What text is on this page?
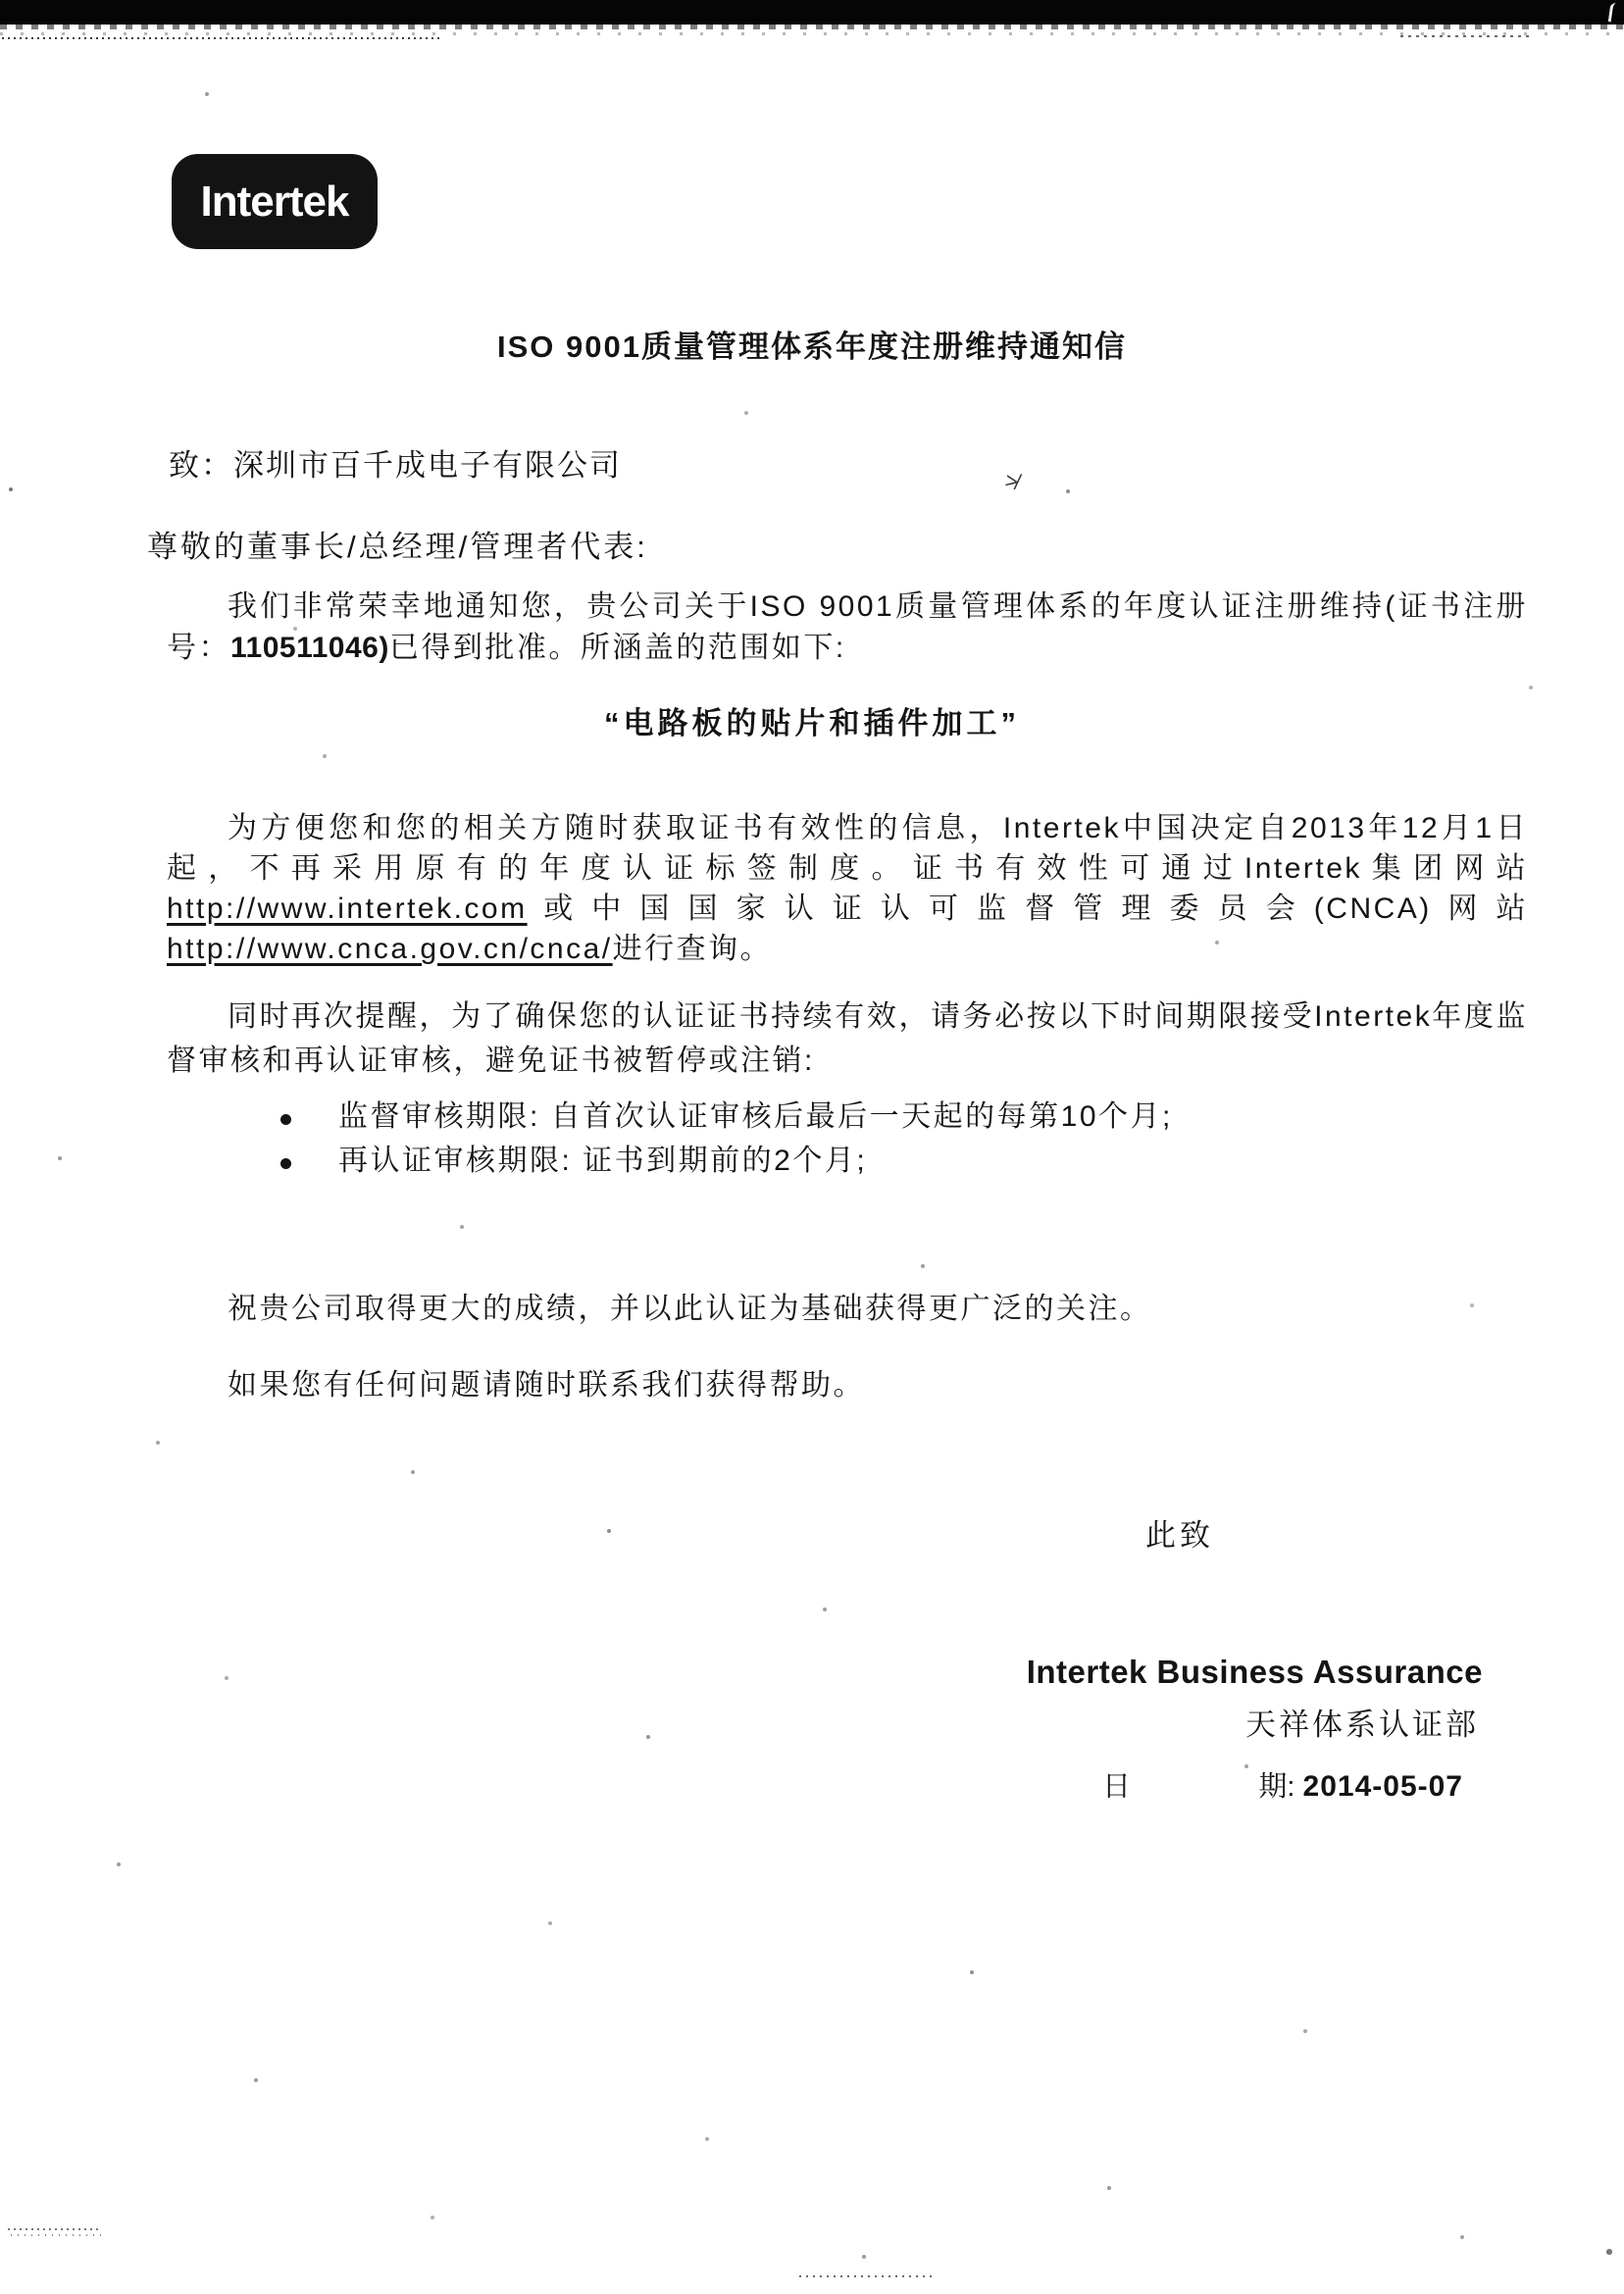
Intertek
ISO 9001质量管理体系年度注册维持通知信
致：深圳市百千成电子有限公司	≯
尊敬的董事长/总经理/管理者代表:
我们非常荣幸地通知您，贵公司关于ISO 9001质量管理体系的年度认证注册维持(证书注册号：110511046)已得到批准。所涵盖的范围如下:
“电路板的贴片和插件加工”
为方便您和您的相关方随时获取证书有效性的信息，Intertek中国决定自2013年12月1日起，不再采用原有的年度认证标签制度。证书有效性可通过Intertek集团网站http://www.intertek.com或中国国家认证认可监督管理委员会(CNCA)网站http://www.cnca.gov.cn/cnca/进行查询。
同时再次提醒，为了确保您的认证证书持续有效，请务必按以下时间期限接受Intertek年度监督审核和再认证审核，避免证书被暂停或注销:
监督审核期限: 自首次认证审核后最后一天起的每第10个月;
再认证审核期限: 证书到期前的2个月;
祝贵公司取得更大的成绩，并以此认证为基础获得更广泛的关注。
如果您有任何问题请随时联系我们获得帮助。
此致
Intertek Business Assurance
天祥体系认证部
日	期: 2014-05-07
